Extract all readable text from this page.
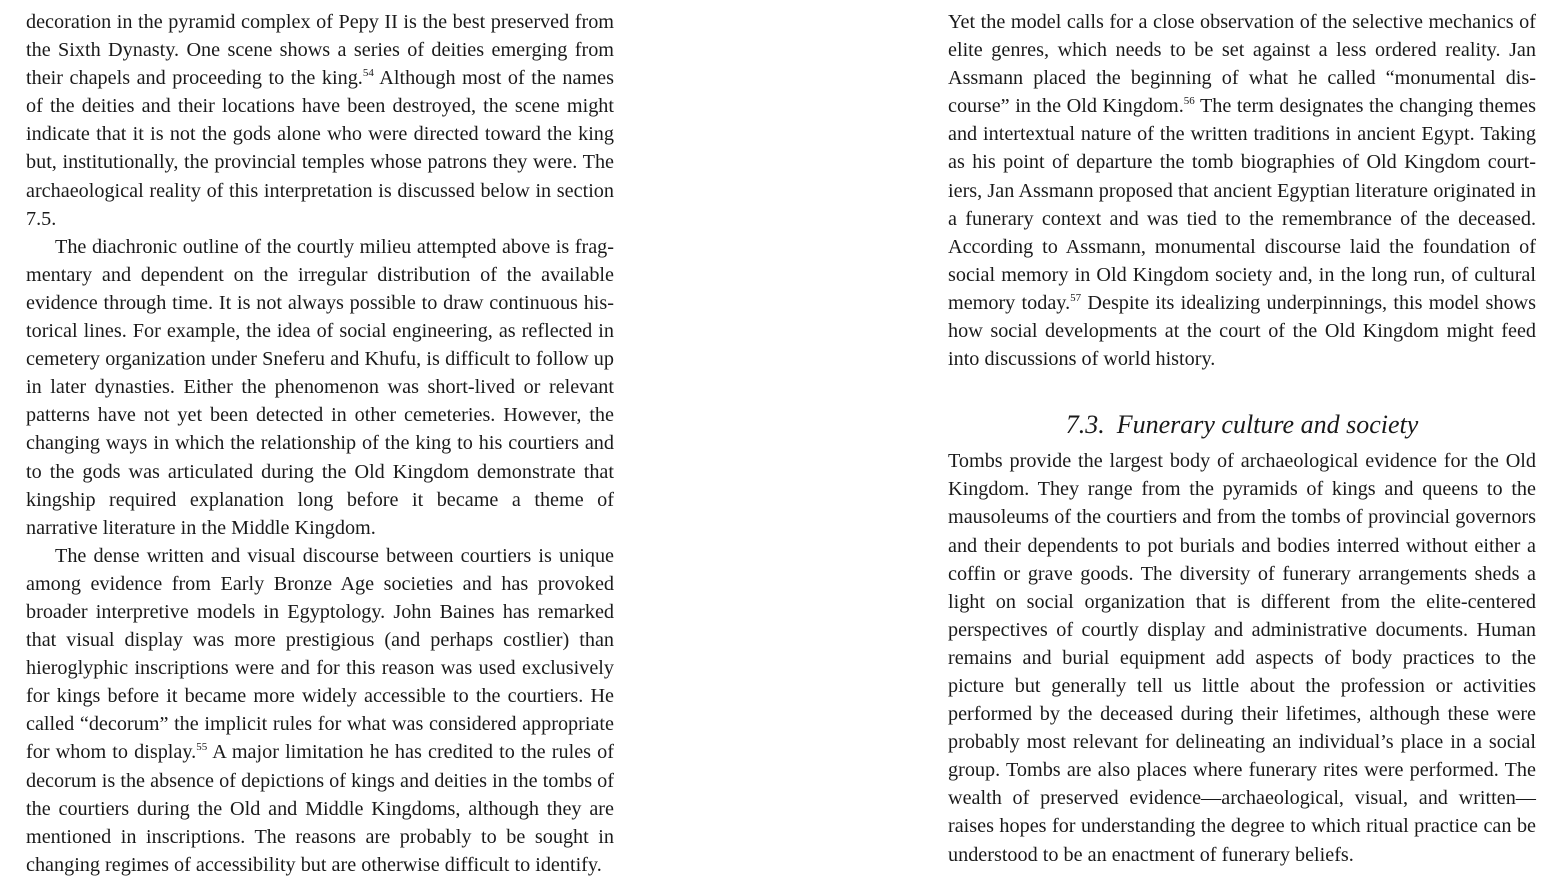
decoration in the pyramid complex of Pepy II is the best preserved from the Sixth Dynasty. One scene shows a series of deities emerging from their chapels and proceeding to the king.$^{54}$ Although most of the names of the deities and their locations have been destroyed, the scene might indicate that it is not the gods alone who were directed toward the king but, institutionally, the provincial temples whose patrons they were. The archaeological reality of this interpretation is discussed below in section 7.5.

The diachronic outline of the courtly milieu attempted above is fragmentary and dependent on the irregular distribution of the available evidence through time. It is not always possible to draw continuous historical lines. For example, the idea of social engineering, as reflected in cemetery organization under Sneferu and Khufu, is difficult to follow up in later dynasties. Either the phenomenon was short-lived or relevant patterns have not yet been detected in other cemeteries. However, the changing ways in which the relationship of the king to his courtiers and to the gods was articulated during the Old Kingdom demonstrate that kingship required explanation long before it became a theme of narrative literature in the Middle Kingdom.

The dense written and visual discourse between courtiers is unique among evidence from Early Bronze Age societies and has provoked broader interpretive models in Egyptology. John Baines has remarked that visual display was more prestigious (and perhaps costlier) than hieroglyphic inscriptions were and for this reason was used exclusively for kings before it became more widely accessible to the courtiers. He called “decorum” the implicit rules for what was considered appropriate for whom to display.$^{55}$ A major limitation he has credited to the rules of decorum is the absence of depictions of kings and deities in the tombs of the courtiers during the Old and Middle Kingdoms, although they are mentioned in inscriptions. The reasons are probably to be sought in changing regimes of accessibility but are otherwise difficult to identify.

Yet the model calls for a close observation of the selective mechanics of elite genres, which needs to be set against a less ordered reality. Jan Assmann placed the beginning of what he called “monumental discourse” in the Old Kingdom.$^{56}$ The term designates the changing themes and intertextual nature of the written traditions in ancient Egypt. Taking as his point of departure the tomb biographies of Old Kingdom courtiers, Jan Assmann proposed that ancient Egyptian literature originated in a funerary context and was tied to the remembrance of the deceased. According to Assmann, monumental discourse laid the foundation of social memory in Old Kingdom society and, in the long run, of cultural memory today.$^{57}$ Despite its idealizing underpinnings, this model shows how social developments at the court of the Old Kingdom might feed into discussions of world history.

7.3. Funerary culture and society

Tombs provide the largest body of archaeological evidence for the Old Kingdom. They range from the pyramids of kings and queens to the mausoleums of the courtiers and from the tombs of provincial governors and their dependents to pot burials and bodies interred without either a coffin or grave goods. The diversity of funerary arrangements sheds a light on social organization that is different from the elite-centered perspectives of courtly display and administrative documents. Human remains and burial equipment add aspects of body practices to the picture but generally tell us little about the profession or activities performed by the deceased during their lifetimes, although these were probably most relevant for delineating an individual’s place in a social group. Tombs are also places where funerary rites were performed. The wealth of preserved evidence—archaeological, visual, and written—raises hopes for understanding the degree to which ritual practice can be understood to be an enactment of funerary beliefs.
